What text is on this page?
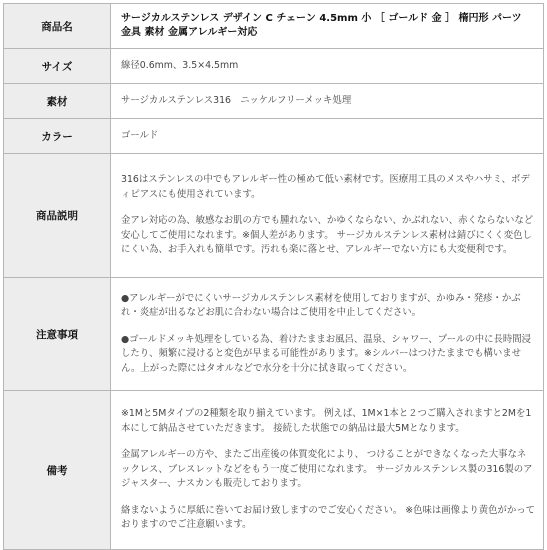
商品名	サージカルステンレス デザイン C チェーン 4.5mm 小 ［ ゴールド 金 ］ 楕円形 パーツ 金具 素材 金属アレルギー対応
サイズ	線径0.6mm、3.5×4.5mm
素材	サージカルステンレス316　ニッケルフリーメッキ処理
カラー	ゴールド
商品説明	316はステンレスの中でもアレルギー性の極めて低い素材です。医療用工具のメスやハサミ、ボディピアスにも使用されています。

金アレ対応の為、敏感なお肌の方でも腫れない、かゆくならない、かぶれない、赤くならないなど安心してご使用になれます。※個人差があります。 サージカルステンレス素材は錆びにくく変色しにくい為、お手入れも簡単です。汚れも楽に落とせ、アレルギーでない方にも大変便利です。

注意事項	●アレルギーがでにくいサージカルステンレス素材を使用しておりますが、かゆみ・発疹・かぶれ・炎症が出るなどお肌に合わない場合はご使用を中止してください。

●ゴールドメッキ処理をしている為、着けたままお風呂、温泉、シャワー、プールの中に長時間浸したり、頻繁に浸けると変色が早まる可能性があります。※シルバーはつけたままでも構いません。上がった際にはタオルなどで水分を十分に拭き取ってください。

備考	※1Mと5Mタイプの2種類を取り揃えています。 例えば、1M×1本と２つご購入されますと2Mを1本にして納品させていただきます。 接続した状態での納品は最大5Mとなります。

金属アレルギーの方や、またご出産後の体質変化により、 つけることができなくなった大事なネックレス、ブレスレットなどをもう一度ご使用になれます。 サージカルステンレス製の316製のアジャスター、ナスカンも販売しております。

絡まないように厚紙に巻いてお届け致しますのでご安心ください。 ※色味は画像より黄色がかっておりますのでご注意願います。
